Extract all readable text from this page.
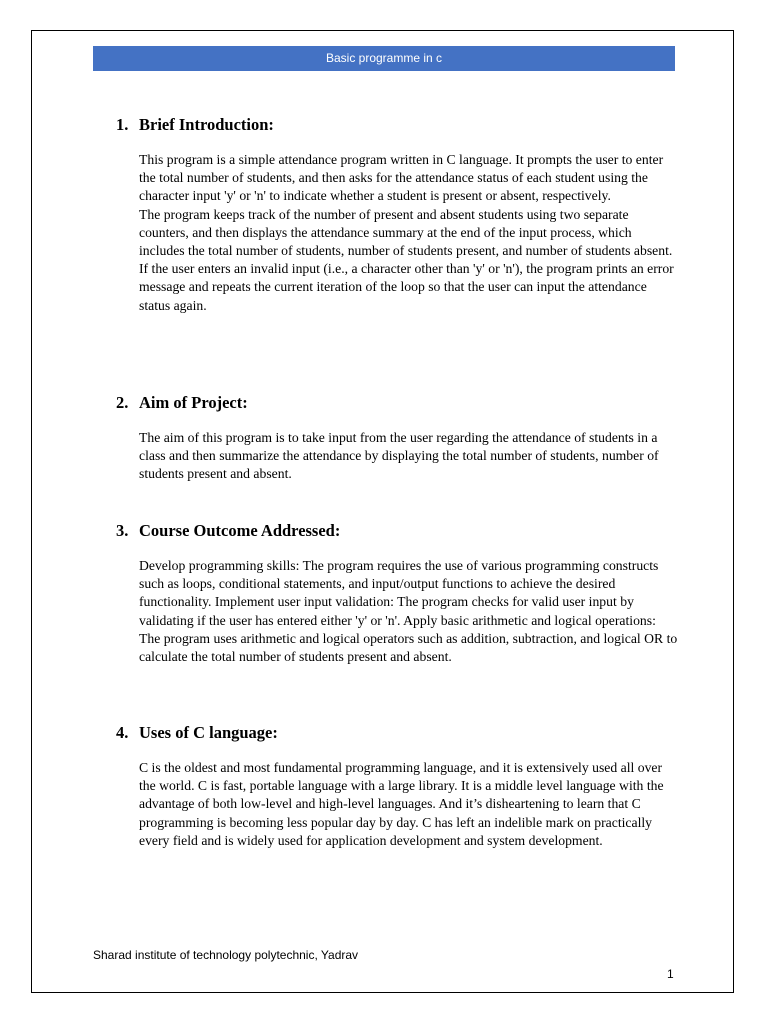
Basic programme in c
1. Brief Introduction:

This program is a simple attendance program written in C language. It prompts the user to enter the total number of students, and then asks for the attendance status of each student using the character input 'y' or 'n' to indicate whether a student is present or absent, respectively.

The program keeps track of the number of present and absent students using two separate counters, and then displays the attendance summary at the end of the input process, which includes the total number of students, number of students present, and number of students absent.

If the user enters an invalid input (i.e., a character other than 'y' or 'n'), the program prints an error message and repeats the current iteration of the loop so that the user can input the attendance status again.

2. Aim of Project:

The aim of this program is to take input from the user regarding the attendance of students in a class and then summarize the attendance by displaying the total number of students, number of students present and absent.

3. Course Outcome Addressed:

Develop programming skills: The program requires the use of various programming constructs such as loops, conditional statements, and input/output functions to achieve the desired functionality. Implement user input validation: The program checks for valid user input by validating if the user has entered either 'y' or 'n'. Apply basic arithmetic and logical operations: The program uses arithmetic and logical operators such as addition, subtraction, and logical OR to calculate the total number of students present and absent.

4. Uses of C language:

C is the oldest and most fundamental programming language, and it is extensively used all over the world. C is fast, portable language with a large library. It is a middle level language with the advantage of both low-level and high-level languages. And it’s disheartening to learn that C programming is becoming less popular day by day. C has left an indelible mark on practically every field and is widely used for application development and system development.

Sharad institute of technology polytechnic, Yadrav
1
